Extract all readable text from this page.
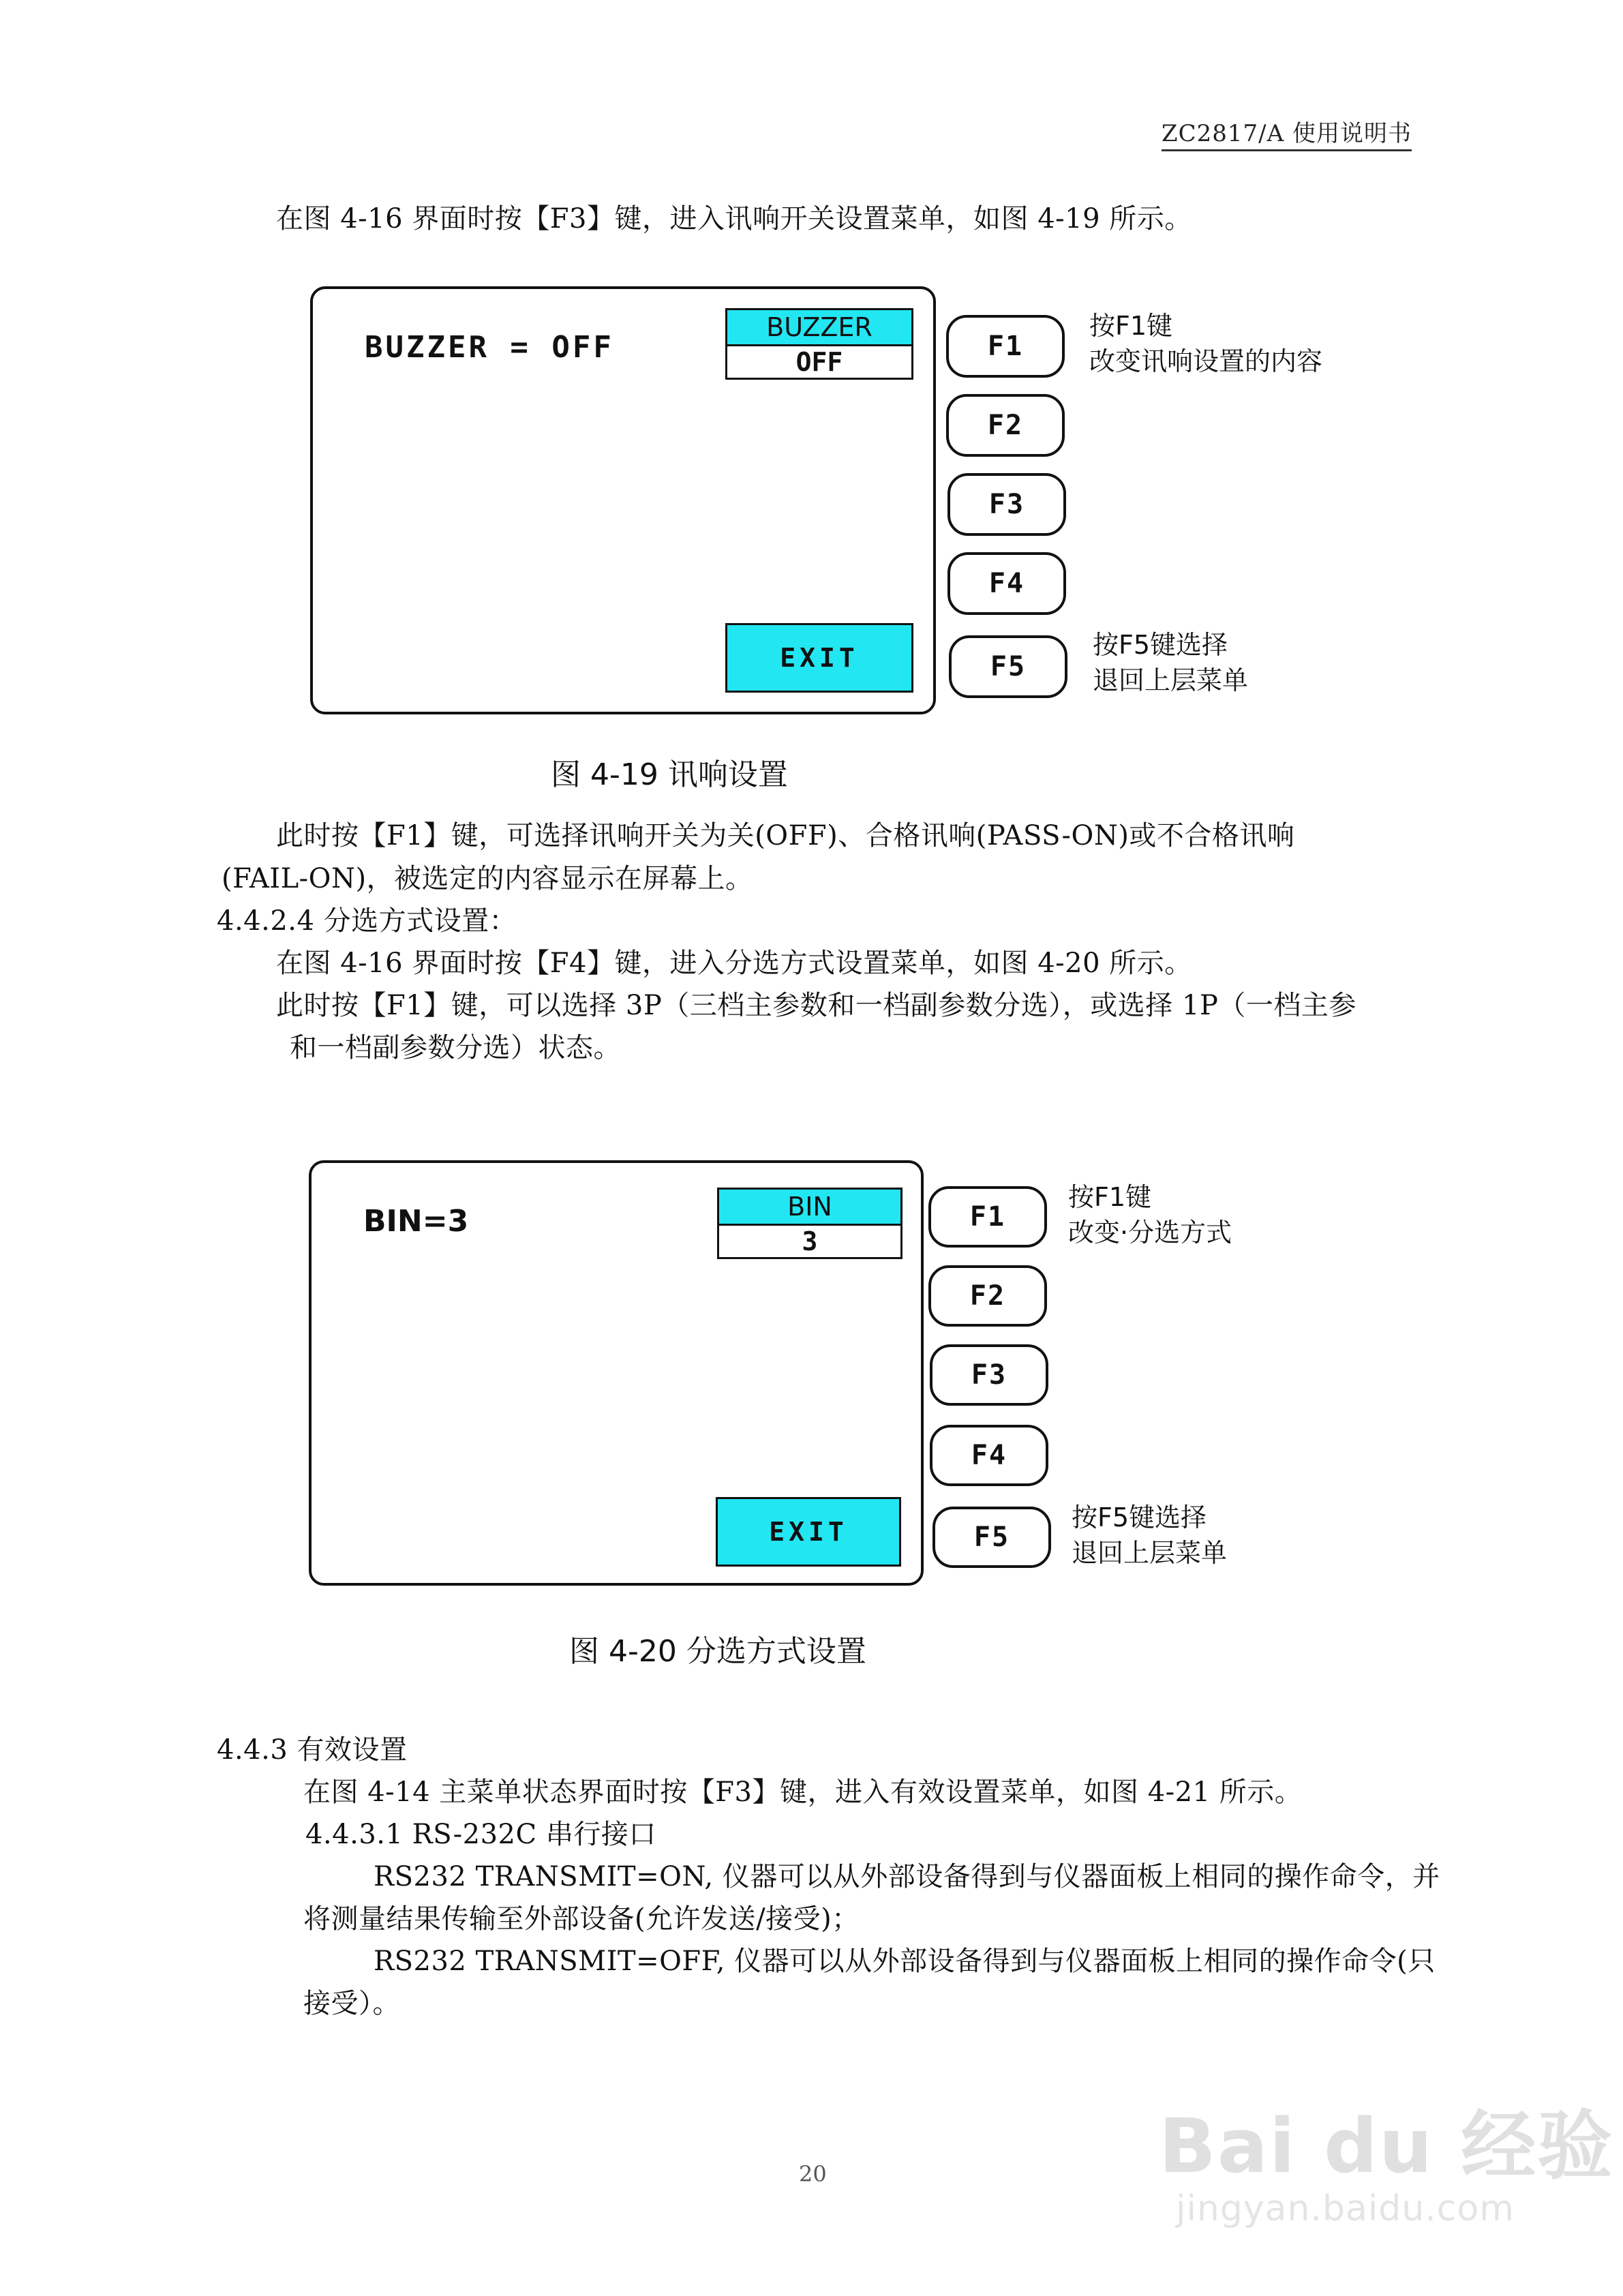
ZC2817/A 使用说明书
在图 4-16 界面时按【F3】键，进入讯响开关设置菜单，如图 4-19 所示。
BUZZER = OFF
BUZZER
OFF
EXIT
F1
F2
F3
F4
F5
按F1键
改变讯响设置的内容
按F5键选择
退回上层菜单
图 4-19 讯响设置
此时按【F1】键，可选择讯响开关为关(OFF)、合格讯响(PASS-ON)或不合格讯响
(FAIL-ON)，被选定的内容显示在屏幕上。
4.4.2.4 分选方式设置：
在图 4-16 界面时按【F4】键，进入分选方式设置菜单，如图 4-20 所示。
此时按【F1】键，可以选择 3P（三档主参数和一档副参数分选），或选择 1P（一档主参
和一档副参数分选）状态。
BIN=3	BIN
3
EXIT
F1
F2
F3
F4
F5
按F1键
改变·分选方式
按F5键选择
退回上层菜单
图 4-20 分选方式设置
4.4.3 有效设置
在图 4-14 主菜单状态界面时按【F3】键，进入有效设置菜单，如图 4-21 所示。
4.4.3.1 RS-232C 串行接口
RS232 TRANSMIT=ON, 仪器可以从外部设备得到与仪器面板上相同的操作命令，并
将测量结果传输至外部设备(允许发送/接受)；
RS232 TRANSMIT=OFF, 仪器可以从外部设备得到与仪器面板上相同的操作命令(只
接受）。
20	Bai du 经验
jingyan.baidu.com
